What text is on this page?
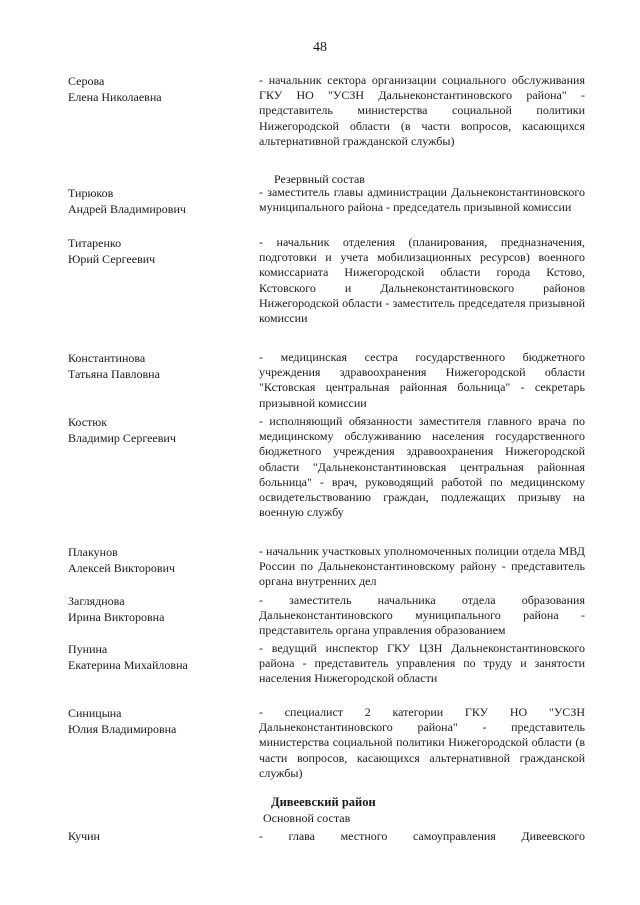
48
Серова
Елена Николаевна
- начальник сектора организации социального обслуживания ГКУ НО "УСЗН Дальнеконстантиновского района" - представитель министерства социальной политики Нижегородской области (в части вопросов, касающихся альтернативной гражданской службы)
Резервный состав
Тирюков
Андрей Владимирович
- заместитель главы администрации Дальнеконстантиновского муниципального района - председатель призывной комиссии
Титаренко
Юрий Сергеевич
- начальник отделения (планирования, предназначения, подготовки и учета мобилизационных ресурсов) военного комиссариата Нижегородской области города Кстово, Кстовского и Дальнеконстантиновского районов Нижегородской области - заместитель председателя призывной комиссии
Константинова
Татьяна Павловна
- медицинская сестра государственного бюджетного учреждения здравоохранения Нижегородской области "Кстовская центральная районная больница" - секретарь призывной комиссии
Костюк
Владимир Сергеевич
- исполняющий обязанности заместителя главного врача по медицинскому обслуживанию населения государственного бюджетного учреждения здравоохранения Нижегородской области "Дальнеконстантиновская центральная районная больница" - врач, руководящий работой по медицинскому освидетельствованию граждан, подлежащих призыву на военную службу
Плакунов
Алексей Викторович
- начальник участковых уполномоченных полиции отдела МВД России по Дальнеконстантиновскому району - представитель органа внутренних дел
Загляднова
Ирина Викторовна
- заместитель начальника отдела образования Дальнеконстантиновского муниципального района - представитель органа управления образованием
Пунина
Екатерина Михайловна
- ведущий инспектор ГКУ ЦЗН Дальнеконстантиновского района - представитель управления по труду и занятости населения Нижегородской области
Синицына
Юлия Владимировна
- специалист 2 категории ГКУ НО "УСЗН Дальнеконстантиновского района" - представитель министерства социальной политики Нижегородской области (в части вопросов, касающихся альтернативной гражданской службы)
Дивеевский район
Основной состав
Кучин	- глава местного самоуправления Дивеевского
